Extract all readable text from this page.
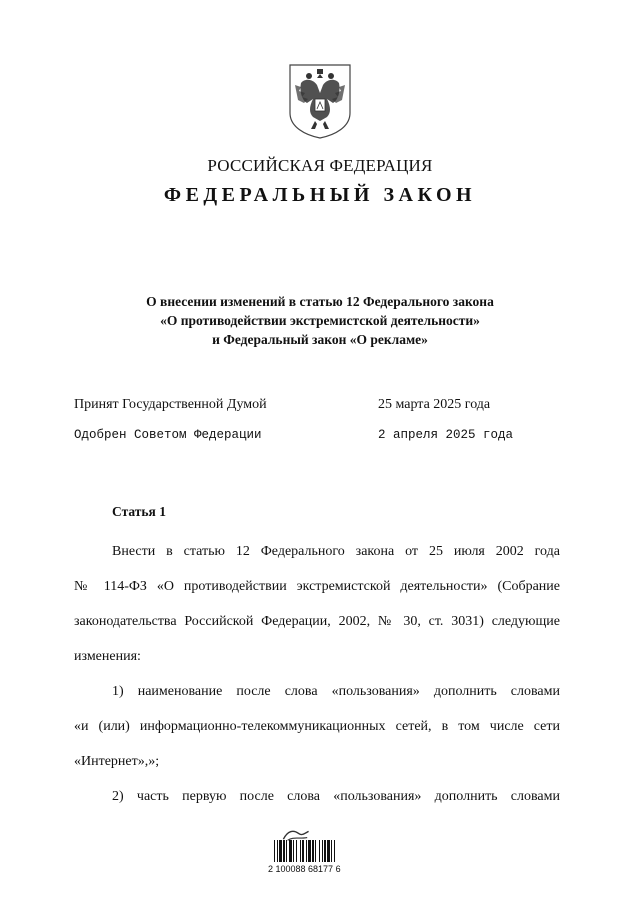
РОССИЙСКАЯ ФЕДЕРАЦИЯ
ФЕДЕРАЛЬНЫЙ ЗАКОН
О внесении изменений в статью 12 Федерального закона
«О противодействии экстремистской деятельности»
и Федеральный закон «О рекламе»
Принят Государственной Думой	25 марта 2025 года
Одобрен Советом Федерации	2 апреля 2025 года
Статья 1
Внести в статью 12 Федерального закона от 25 июля 2002 года
№ 114-ФЗ «О противодействии экстремистской деятельности» (Собрание
законодательства Российской Федерации, 2002, № 30, ст. 3031) следующие
изменения:
1) наименование после слова «пользования» дополнить словами
«и (или) информационно-телекоммуникационных сетей, в том числе сети
«Интернет»,»;
2) часть первую после слова «пользования» дополнить словами
2 100088 68177 6
